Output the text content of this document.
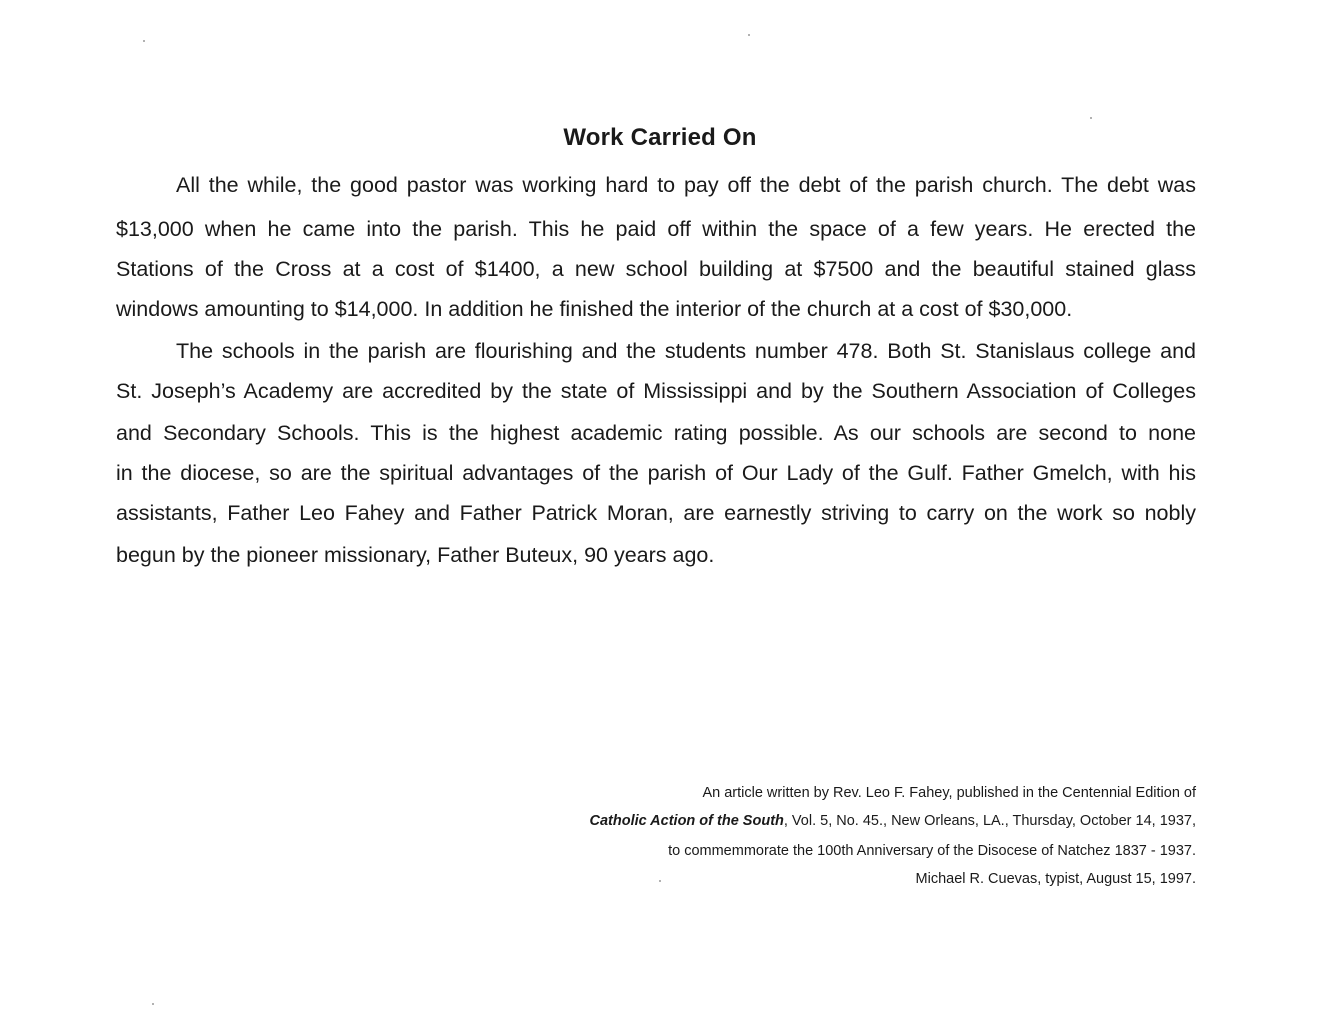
Work Carried On
All the while, the good pastor was working hard to pay off the debt of the parish church. The debt was
$13,000 when he came into the parish. This he paid off within the space of a few years. He erected the
Stations of the Cross at a cost of $1400, a new school building at $7500 and the beautiful stained glass
windows amounting to $14,000. In addition he finished the interior of the church at a cost of $30,000.
The schools in the parish are flourishing and the students number 478. Both St. Stanislaus college and
St. Joseph’s Academy are accredited by the state of Mississippi and by the Southern Association of Colleges
and Secondary Schools. This is the highest academic rating possible. As our schools are second to none
in the diocese, so are the spiritual advantages of the parish of Our Lady of the Gulf. Father Gmelch, with his
assistants, Father Leo Fahey and Father Patrick Moran, are earnestly striving to carry on the work so nobly
begun by the pioneer missionary, Father Buteux, 90 years ago.
An article written by Rev. Leo F. Fahey, published in the Centennial Edition of
Catholic Action of the South, Vol. 5, No. 45., New Orleans, LA., Thursday, October 14, 1937,
to commemmorate the 100th Anniversary of the Disocese of Natchez 1837 - 1937.
Michael R. Cuevas, typist, August 15, 1997.
